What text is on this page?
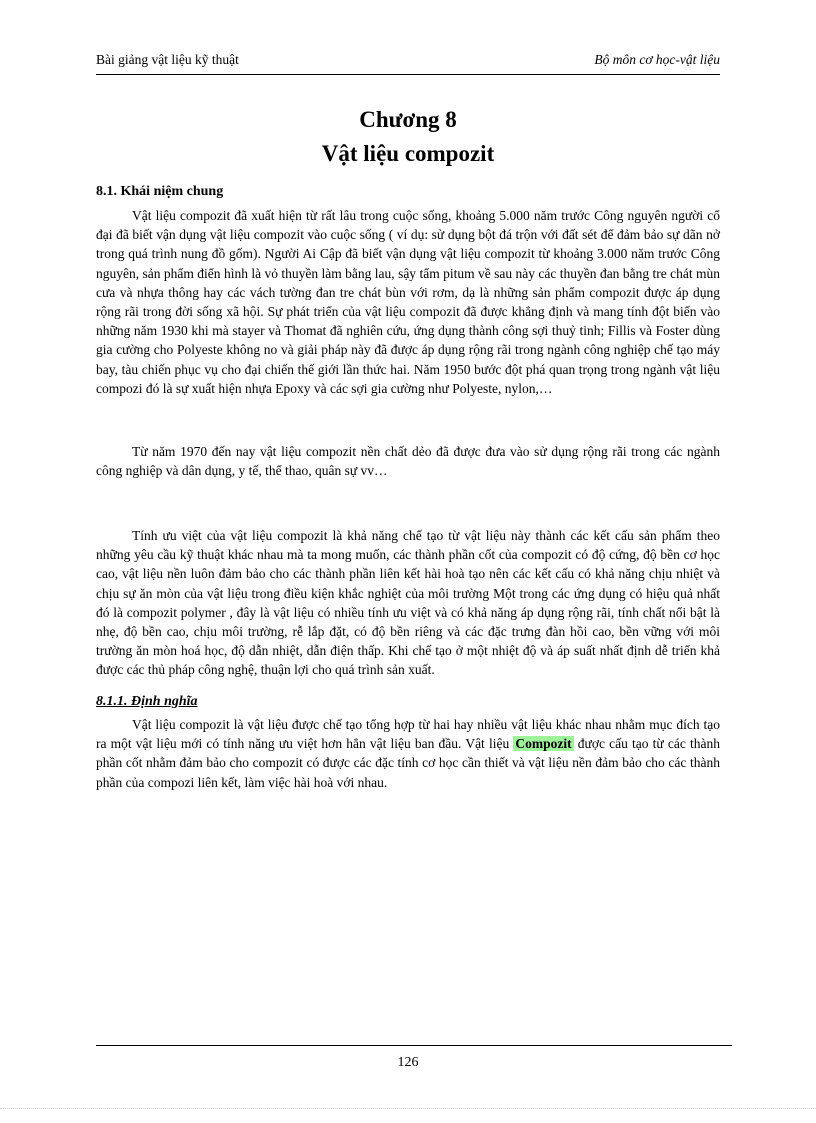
Bài giảng vật liệu kỹ thuật	Bộ môn cơ học-vật liệu
Chương 8
Vật liệu compozit
8.1. Khái niệm chung

Vật liệu compozit đã xuất hiện từ rất lâu trong cuộc sống, khoảng 5.000 năm trước Công nguyên người cổ đại đã biết vận dụng vật liệu compozit vào cuộc sống ( ví dụ: sử dụng bột đá trộn với đất sét để đảm bảo sự dãn nở trong quá trình nung đồ gốm). Người Ai Cập đã biết vận dụng vật liệu compozit từ khoảng 3.000 năm trước Công nguyên, sản phẩm điển hình là vỏ thuyền làm bằng lau, sậy tẩm pitum về sau này các thuyền đan bằng tre chát mùn cưa và nhựa thông hay các vách tường đan tre chát bùn với rơm, dạ là những sản phẩm compozit được áp dụng rộng rãi trong đời sống xã hội. Sự phát triển của vật liệu compozit đã được khẳng định và mang tính đột biến vào những năm 1930 khi mà stayer và Thomat đã nghiên cứu, ứng dụng thành công sợi thuỷ tinh; Fillis và Foster dùng gia cường cho Polyeste không no và giải pháp này đã được áp dụng rộng rãi trong ngành công nghiệp chế tạo máy bay, tàu chiến phục vụ cho đại chiến thế giới lần thức hai. Năm 1950 bước đột phá quan trọng trong ngành vật liệu compozi đó là sự xuất hiện nhựa Epoxy và các sợi gia cường như Polyeste, nylon,…

Từ năm 1970 đến nay vật liệu compozit nền chất dẻo đã được đưa vào sử dụng rộng rãi trong các ngành công nghiệp và dân dụng, y tế, thể thao, quân sự vv…

Tính ưu việt của vật liệu compozit là khả năng chế tạo từ vật liệu này thành các kết cấu sản phẩm theo những yêu cầu kỹ thuật khác nhau mà ta mong muốn, các thành phần cốt của compozit có độ cứng, độ bền cơ học cao, vật liệu nền luôn đảm bảo cho các thành phần liên kết hài hoà tạo nên các kết cấu có khả năng chịu nhiệt và chịu sự ăn mòn của vật liệu trong điều kiện khắc nghiệt của môi trường Một trong các ứng dụng có hiệu quả nhất đó là compozit polymer , đây là vật liệu có nhiều tính ưu việt và có khả năng áp dụng rộng rãi, tính chất nổi bật là nhẹ, độ bền cao, chịu môi trường, rễ lắp đặt, có độ bền riêng và các đặc trưng đàn hồi cao, bền vững với môi trường ăn mòn hoá học, độ dẫn nhiệt, dẫn điện thấp. Khi chế tạo ở một nhiệt độ và áp suất nhất định dễ triển khả được các thủ pháp công nghệ, thuận lợi cho quá trình sản xuất.

8.1.1. Định nghĩa

Vật liệu compozit là vật liệu được chế tạo tổng hợp từ hai hay nhiều vật liệu khác nhau nhằm mục đích tạo ra một vật liệu mới có tính năng ưu việt hơn hẳn vật liệu ban đầu. Vật liệu Compozit được cấu tạo từ các thành phần cốt nhằm đảm bảo cho compozit có được các đặc tính cơ học cần thiết và vật liệu nền đảm bảo cho các thành phần của compozi liên kết, làm việc hài hoà với nhau.

126
